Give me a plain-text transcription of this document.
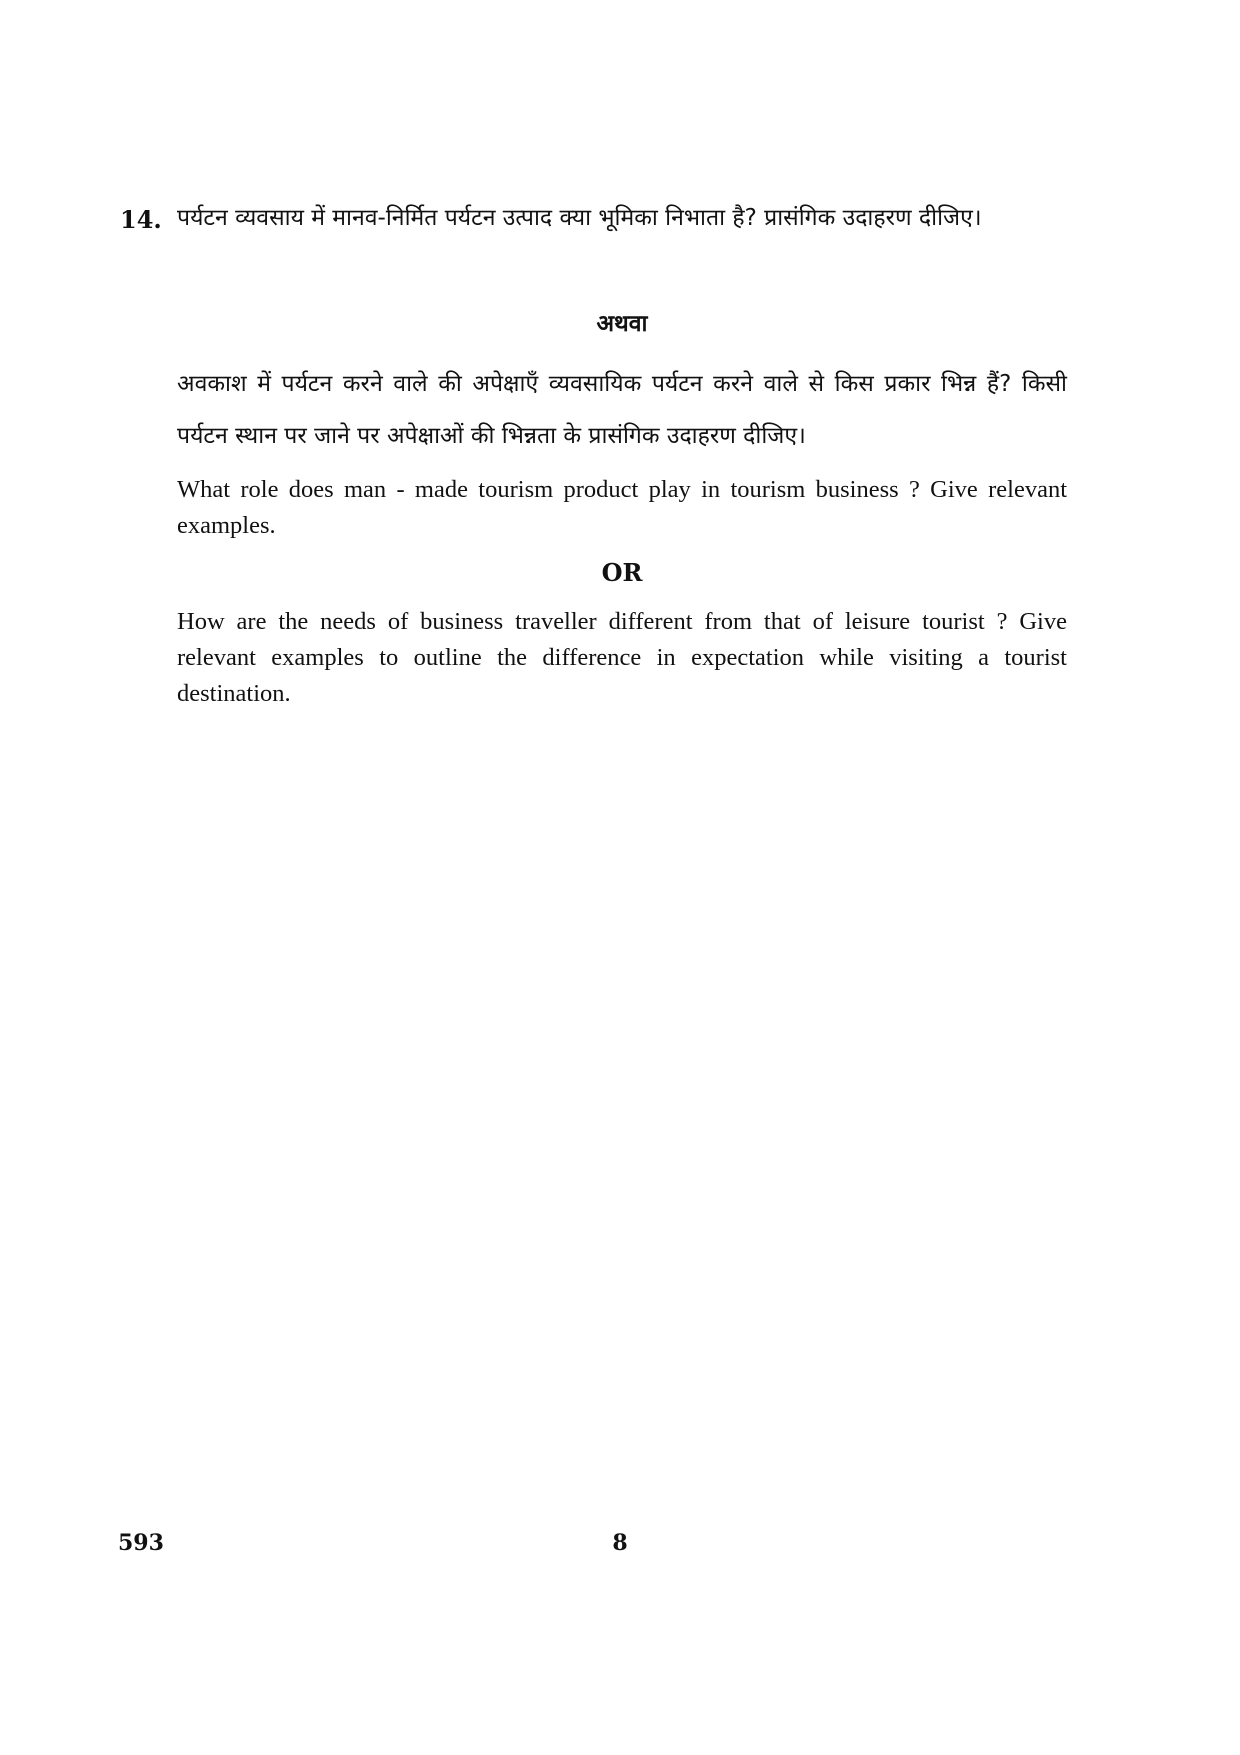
14. पर्यटन व्यवसाय में मानव-निर्मित पर्यटन उत्पाद क्या भूमिका निभाता है? प्रासंगिक उदाहरण दीजिए।
अथवा
अवकाश में पर्यटन करने वाले की अपेक्षाएँ व्यवसायिक पर्यटन करने वाले से किस प्रकार भिन्न हैं? किसी पर्यटन स्थान पर जाने पर अपेक्षाओं की भिन्नता के प्रासंगिक उदाहरण दीजिए।
What role does man - made tourism product play in tourism business ? Give relevant examples.
OR
How are the needs of business traveller different from that of leisure tourist ? Give relevant examples to outline the difference in expectation while visiting a tourist destination.
593	8
